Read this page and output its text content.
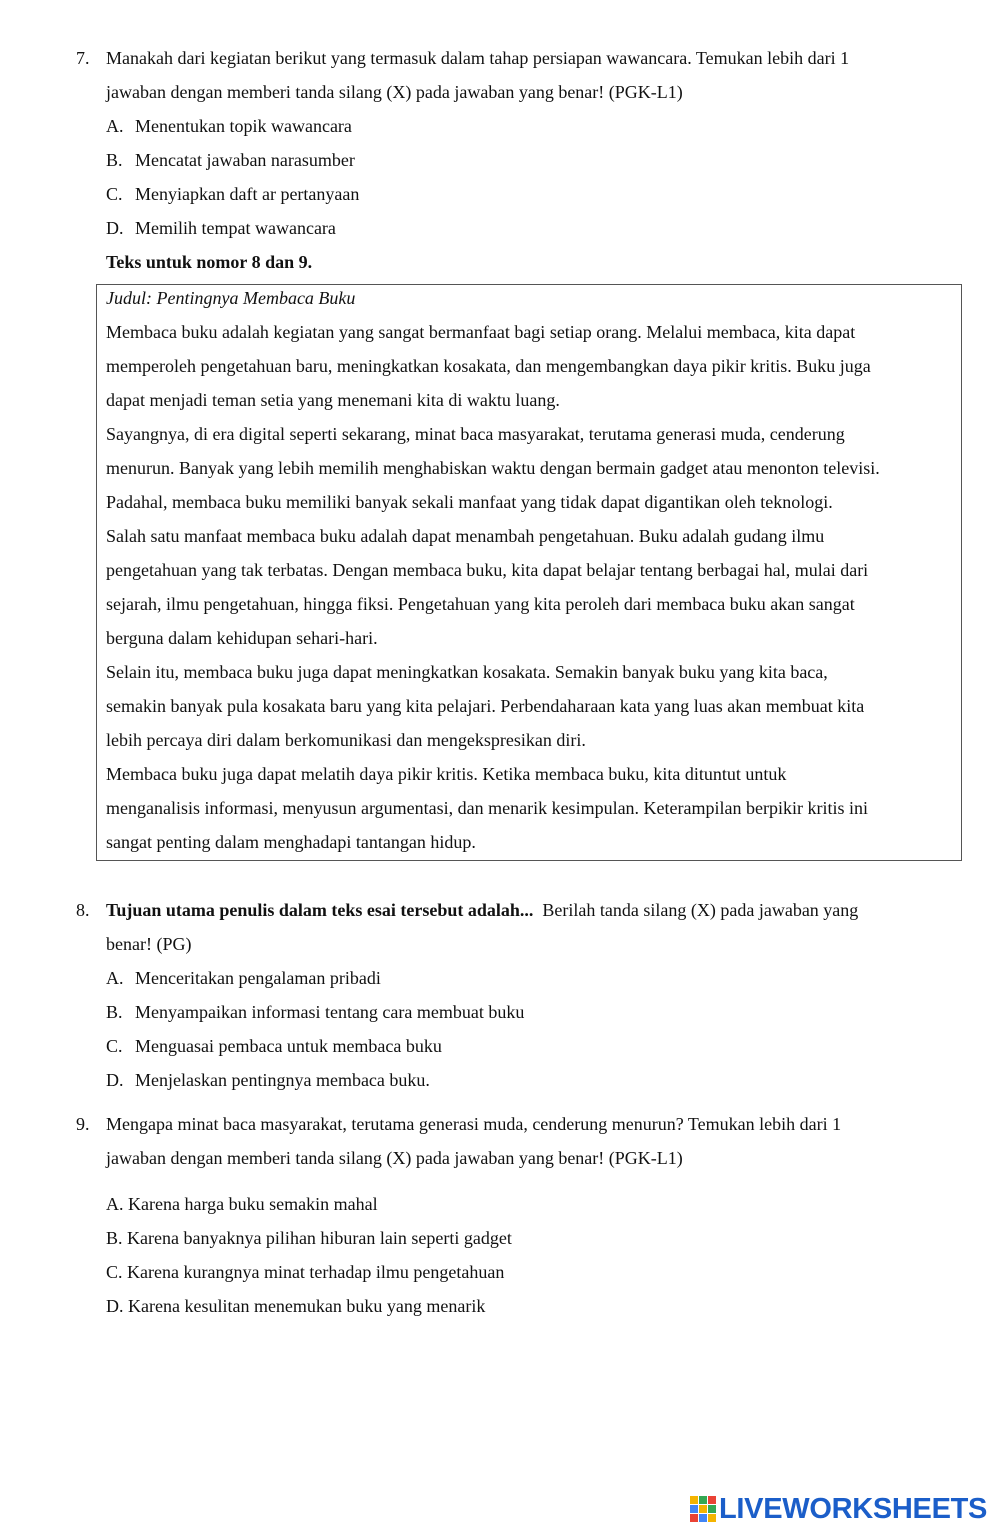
7. Manakah dari kegiatan berikut yang termasuk dalam tahap persiapan wawancara. Temukan lebih dari 1
jawaban dengan memberi tanda silang (X) pada jawaban yang benar! (PGK-L1)
A. Menentukan topik wawancara
B. Mencatat jawaban narasumber
C. Menyiapkan daft ar pertanyaan
D. Memilih tempat wawancara
Teks untuk nomor 8 dan 9.
Judul: Pentingnya Membaca Buku
Membaca buku adalah kegiatan yang sangat bermanfaat bagi setiap orang. Melalui membaca, kita dapat
memperoleh pengetahuan baru, meningkatkan kosakata, dan mengembangkan daya pikir kritis. Buku juga
dapat menjadi teman setia yang menemani kita di waktu luang.
Sayangnya, di era digital seperti sekarang, minat baca masyarakat, terutama generasi muda, cenderung
menurun. Banyak yang lebih memilih menghabiskan waktu dengan bermain gadget atau menonton televisi.
Padahal, membaca buku memiliki banyak sekali manfaat yang tidak dapat digantikan oleh teknologi.
Salah satu manfaat membaca buku adalah dapat menambah pengetahuan. Buku adalah gudang ilmu
pengetahuan yang tak terbatas. Dengan membaca buku, kita dapat belajar tentang berbagai hal, mulai dari
sejarah, ilmu pengetahuan, hingga fiksi. Pengetahuan yang kita peroleh dari membaca buku akan sangat
berguna dalam kehidupan sehari-hari.
Selain itu, membaca buku juga dapat meningkatkan kosakata. Semakin banyak buku yang kita baca,
semakin banyak pula kosakata baru yang kita pelajari. Perbendaharaan kata yang luas akan membuat kita
lebih percaya diri dalam berkomunikasi dan mengekspresikan diri.
Membaca buku juga dapat melatih daya pikir kritis. Ketika membaca buku, kita dituntut untuk
menganalisis informasi, menyusun argumentasi, dan menarik kesimpulan. Keterampilan berpikir kritis ini
sangat penting dalam menghadapi tantangan hidup.
8. Tujuan utama penulis dalam teks esai tersebut adalah... Berilah tanda silang (X) pada jawaban yang
benar! (PG)
A. Menceritakan pengalaman pribadi
B. Menyampaikan informasi tentang cara membuat buku
C. Menguasai pembaca untuk membaca buku
D. Menjelaskan pentingnya membaca buku.
9. Mengapa minat baca masyarakat, terutama generasi muda, cenderung menurun? Temukan lebih dari 1
jawaban dengan memberi tanda silang (X) pada jawaban yang benar! (PGK-L1)
A. Karena harga buku semakin mahal
B. Karena banyaknya pilihan hiburan lain seperti gadget
C. Karena kurangnya minat terhadap ilmu pengetahuan
D. Karena kesulitan menemukan buku yang menarik
LIVEWORKSHEETS
